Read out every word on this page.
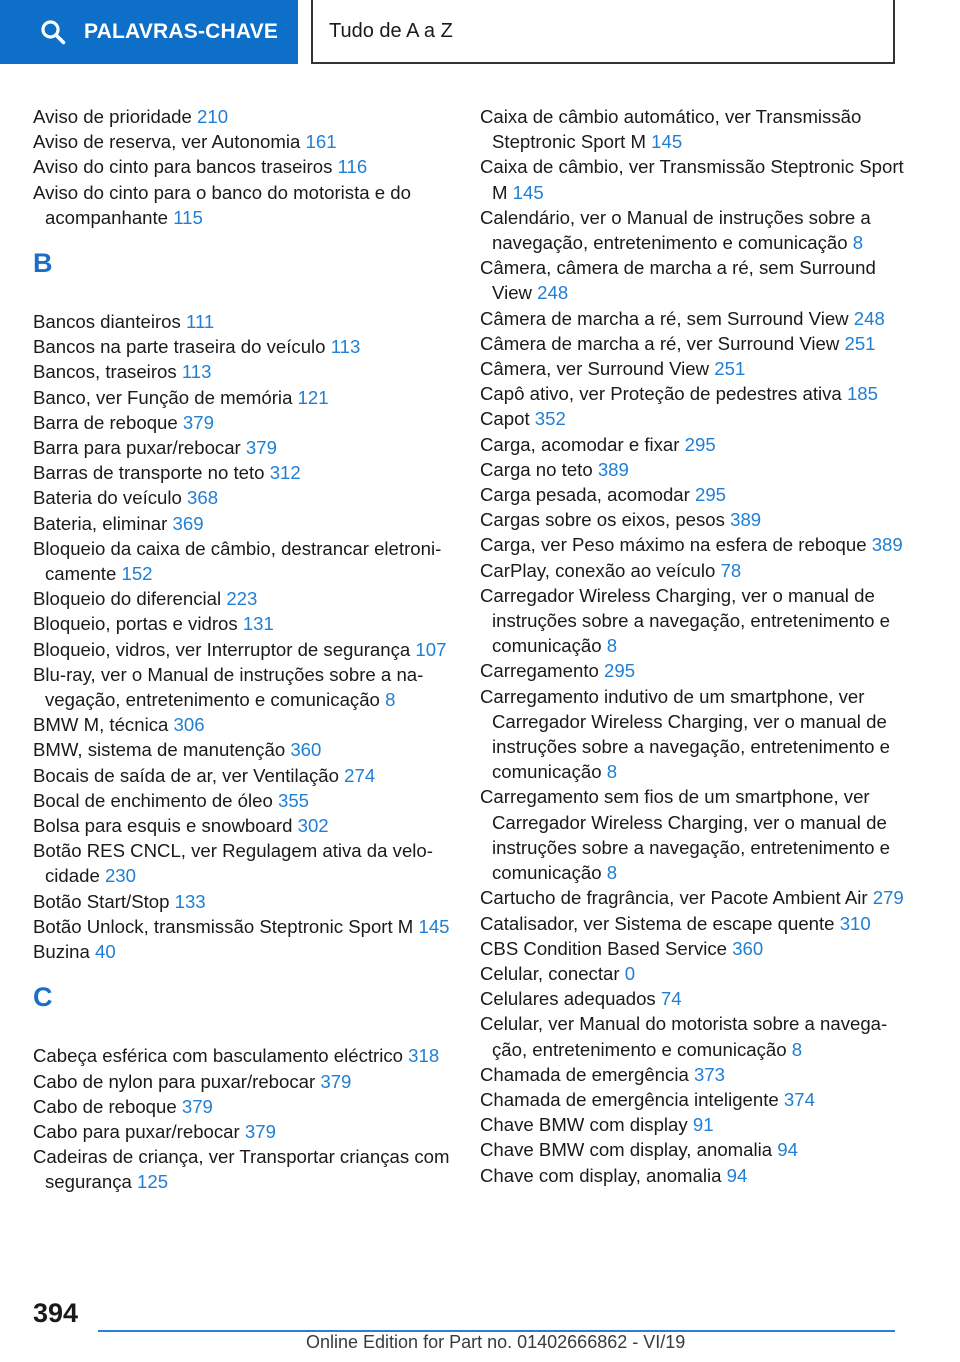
PALAVRAS-CHAVE	Tudo de A a Z
Aviso de prioridade 210
Aviso de reserva, ver Autonomia 161
Aviso do cinto para bancos traseiros 116
Aviso do cinto para o banco do motorista e do acompanhante 115
B
Bancos dianteiros 111
Bancos na parte traseira do veículo 113
Bancos, traseiros 113
Banco, ver Função de memória 121
Barra de reboque 379
Barra para puxar/rebocar 379
Barras de transporte no teto 312
Bateria do veículo 368
Bateria, eliminar 369
Bloqueio da caixa de câmbio, destrancar eletronicamente 152
Bloqueio do diferencial 223
Bloqueio, portas e vidros 131
Bloqueio, vidros, ver Interruptor de segurança 107
Blu-ray, ver o Manual de instruções sobre a navegação, entretenimento e comunicação 8
BMW M, técnica 306
BMW, sistema de manutenção 360
Bocais de saída de ar, ver Ventilação 274
Bocal de enchimento de óleo 355
Bolsa para esquis e snowboard 302
Botão RES CNCL, ver Regulagem ativa da velocidade 230
Botão Start/Stop 133
Botão Unlock, transmissão Steptronic Sport M 145
Buzina 40
C
Cabeça esférica com basculamento eléctrico 318
Cabo de nylon para puxar/rebocar 379
Cabo de reboque 379
Cabo para puxar/rebocar 379
Cadeiras de criança, ver Transportar crianças com segurança 125
Caixa de câmbio automático, ver Transmissão Steptronic Sport M 145
Caixa de câmbio, ver Transmissão Steptronic Sport M 145
Calendário, ver o Manual de instruções sobre a navegação, entretenimento e comunicação 8
Câmera, câmera de marcha a ré, sem Surround View 248
Câmera de marcha a ré, sem Surround View 248
Câmera de marcha a ré, ver Surround View 251
Câmera, ver Surround View 251
Capô ativo, ver Proteção de pedestres ativa 185
Capot 352
Carga, acomodar e fixar 295
Carga no teto 389
Carga pesada, acomodar 295
Cargas sobre os eixos, pesos 389
Carga, ver Peso máximo na esfera de reboque 389
CarPlay, conexão ao veículo 78
Carregador Wireless Charging, ver o manual de instruções sobre a navegação, entretenimento e comunicação 8
Carregamento 295
Carregamento indutivo de um smartphone, ver Carregador Wireless Charging, ver o manual de instruções sobre a navegação, entretenimento e comunicação 8
Carregamento sem fios de um smartphone, ver Carregador Wireless Charging, ver o manual de instruções sobre a navegação, entretenimento e comunicação 8
Cartucho de fragrância, ver Pacote Ambient Air 279
Catalisador, ver Sistema de escape quente 310
CBS Condition Based Service 360
Celular, conectar 0
Celulares adequados 74
Celular, ver Manual do motorista sobre a navegação, entretenimento e comunicação 8
Chamada de emergência 373
Chamada de emergência inteligente 374
Chave BMW com display 91
Chave BMW com display, anomalia 94
Chave com display, anomalia 94
394
Online Edition for Part no. 01402666862 - VI/19
